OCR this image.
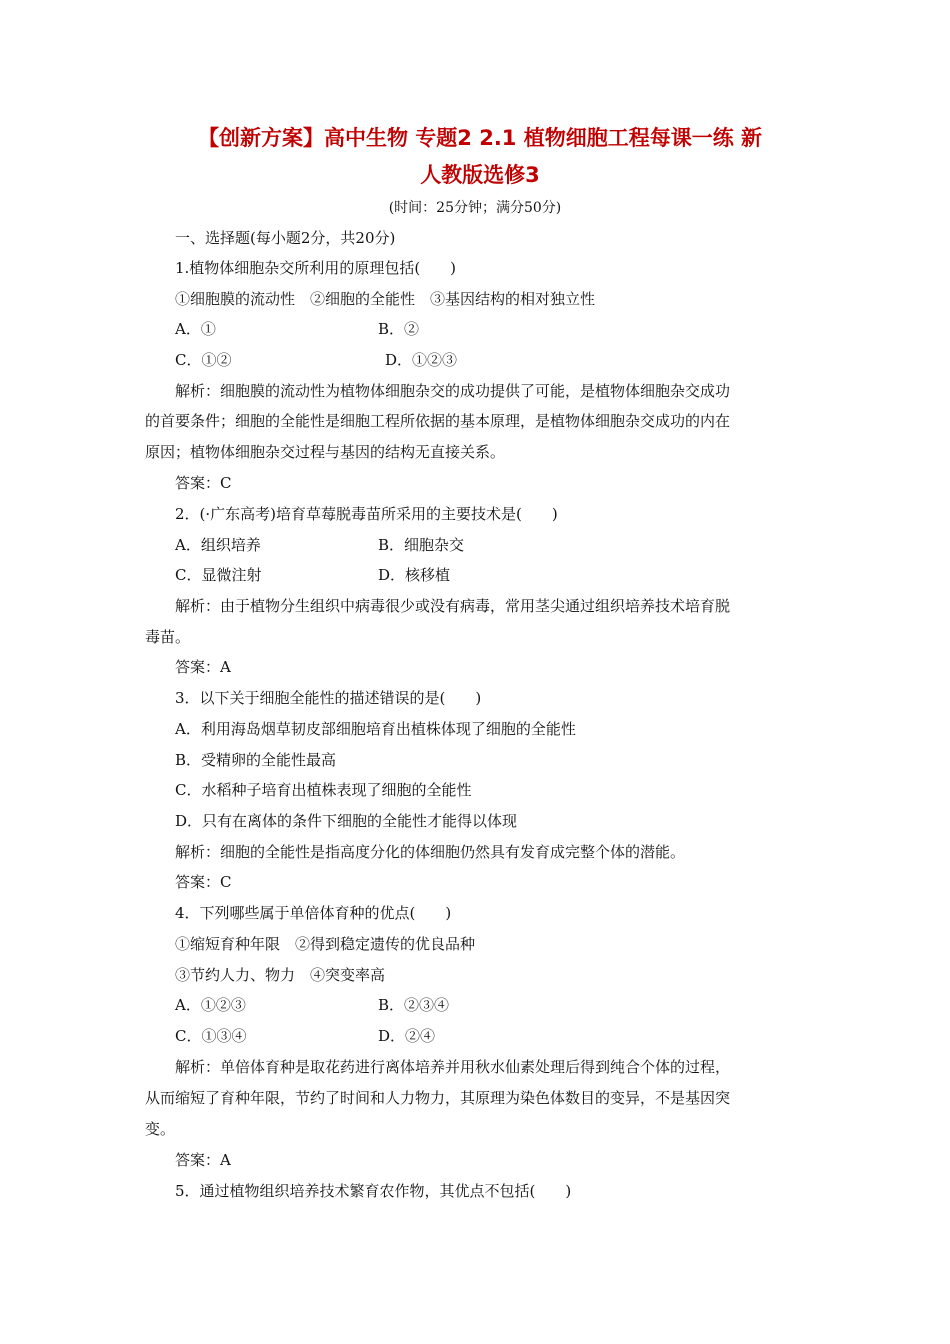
【创新方案】高中生物 专题2 2.1 植物细胞工程每课一练 新
人教版选修3
(时间：25分钟；满分50分)
一、选择题(每小题2分，共20分)
1.植物体细胞杂交所利用的原理包括(　　)
①细胞膜的流动性　②细胞的全能性　③基因结构的相对独立性
A．①	B．②
C．①②	D．①②③
解析：细胞膜的流动性为植物体细胞杂交的成功提供了可能，是植物体细胞杂交成功
的首要条件；细胞的全能性是细胞工程所依据的基本原理，是植物体细胞杂交成功的内在
原因；植物体细胞杂交过程与基因的结构无直接关系。
答案：C
2．(·广东高考)培育草莓脱毒苗所采用的主要技术是(　　)
A．组织培养	B．细胞杂交
C．显微注射	D．核移植
解析：由于植物分生组织中病毒很少或没有病毒，常用茎尖通过组织培养技术培育脱
毒苗。
答案：A
3．以下关于细胞全能性的描述错误的是(　　)
A．利用海岛烟草韧皮部细胞培育出植株体现了细胞的全能性
B．受精卵的全能性最高
C．水稻种子培育出植株表现了细胞的全能性
D．只有在离体的条件下细胞的全能性才能得以体现
解析：细胞的全能性是指高度分化的体细胞仍然具有发育成完整个体的潜能。
答案：C
4．下列哪些属于单倍体育种的优点(　　)
①缩短育种年限　②得到稳定遗传的优良品种
③节约人力、物力　④突变率高
A．①②③	B．②③④
C．①③④	D．②④
解析：单倍体育种是取花药进行离体培养并用秋水仙素处理后得到纯合个体的过程，
从而缩短了育种年限，节约了时间和人力物力，其原理为染色体数目的变异，不是基因突
变。
答案：A
5．通过植物组织培养技术繁育农作物，其优点不包括(　　)
